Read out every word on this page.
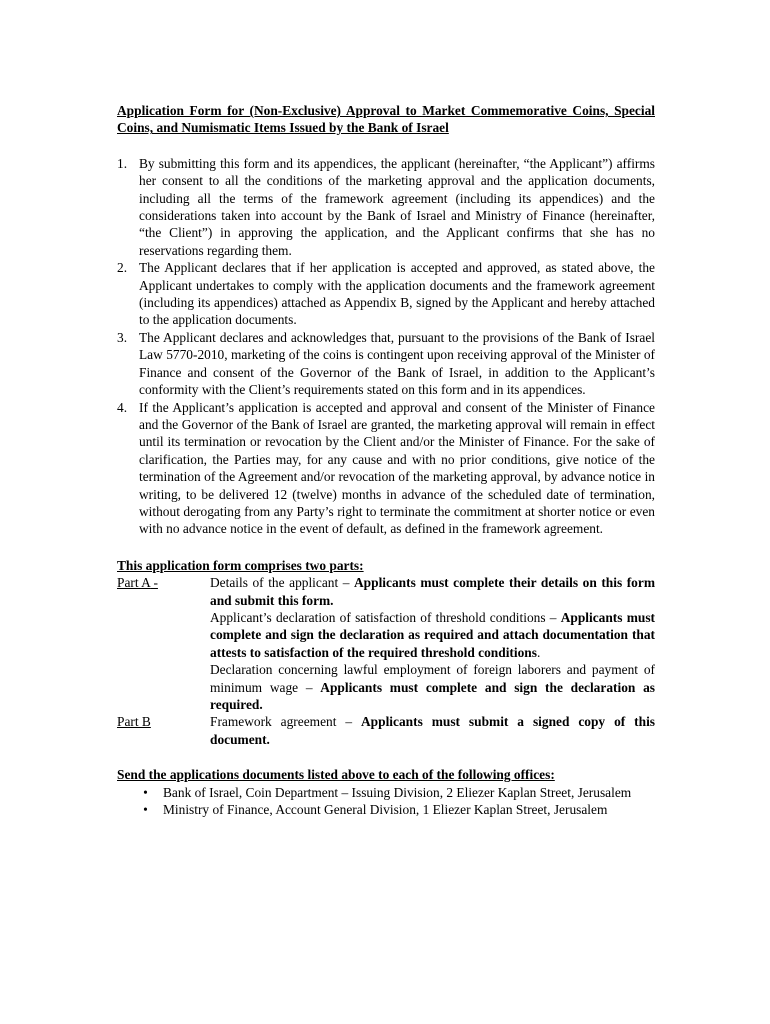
Application Form for (Non-Exclusive) Approval to Market Commemorative Coins, Special Coins, and Numismatic Items Issued by the Bank of Israel

1. By submitting this form and its appendices, the applicant (hereinafter, “the Applicant”) affirms her consent to all the conditions of the marketing approval and the application documents, including all the terms of the framework agreement (including its appendices) and the considerations taken into account by the Bank of Israel and Ministry of Finance (hereinafter, “the Client”) in approving the application, and the Applicant confirms that she has no reservations regarding them.
2. The Applicant declares that if her application is accepted and approved, as stated above, the Applicant undertakes to comply with the application documents and the framework agreement (including its appendices) attached as Appendix B, signed by the Applicant and hereby attached to the application documents.
3. The Applicant declares and acknowledges that, pursuant to the provisions of the Bank of Israel Law 5770-2010, marketing of the coins is contingent upon receiving approval of the Minister of Finance and consent of the Governor of the Bank of Israel, in addition to the Applicant’s conformity with the Client’s requirements stated on this form and in its appendices.
4. If the Applicant’s application is accepted and approval and consent of the Minister of Finance and the Governor of the Bank of Israel are granted, the marketing approval will remain in effect until its termination or revocation by the Client and/or the Minister of Finance. For the sake of clarification, the Parties may, for any cause and with no prior conditions, give notice of the termination of the Agreement and/or revocation of the marketing approval, by advance notice in writing, to be delivered 12 (twelve) months in advance of the scheduled date of termination, without derogating from any Party’s right to terminate the commitment at shorter notice or even with no advance notice in the event of default, as defined in the framework agreement.

This application form comprises two parts:

Part A -	Details of the applicant – Applicants must complete their details on this form and submit this form.
Applicant’s declaration of satisfaction of threshold conditions – Applicants must complete and sign the declaration as required and attach documentation that attests to satisfaction of the required threshold conditions.
Declaration concerning lawful employment of foreign laborers and payment of minimum wage – Applicants must complete and sign the declaration as required.
Part B	Framework agreement – Applicants must submit a signed copy of this document.

Send the applications documents listed above to each of the following offices:

•	Bank of Israel, Coin Department – Issuing Division, 2 Eliezer Kaplan Street, Jerusalem
•	Ministry of Finance, Account General Division, 1 Eliezer Kaplan Street, Jerusalem
